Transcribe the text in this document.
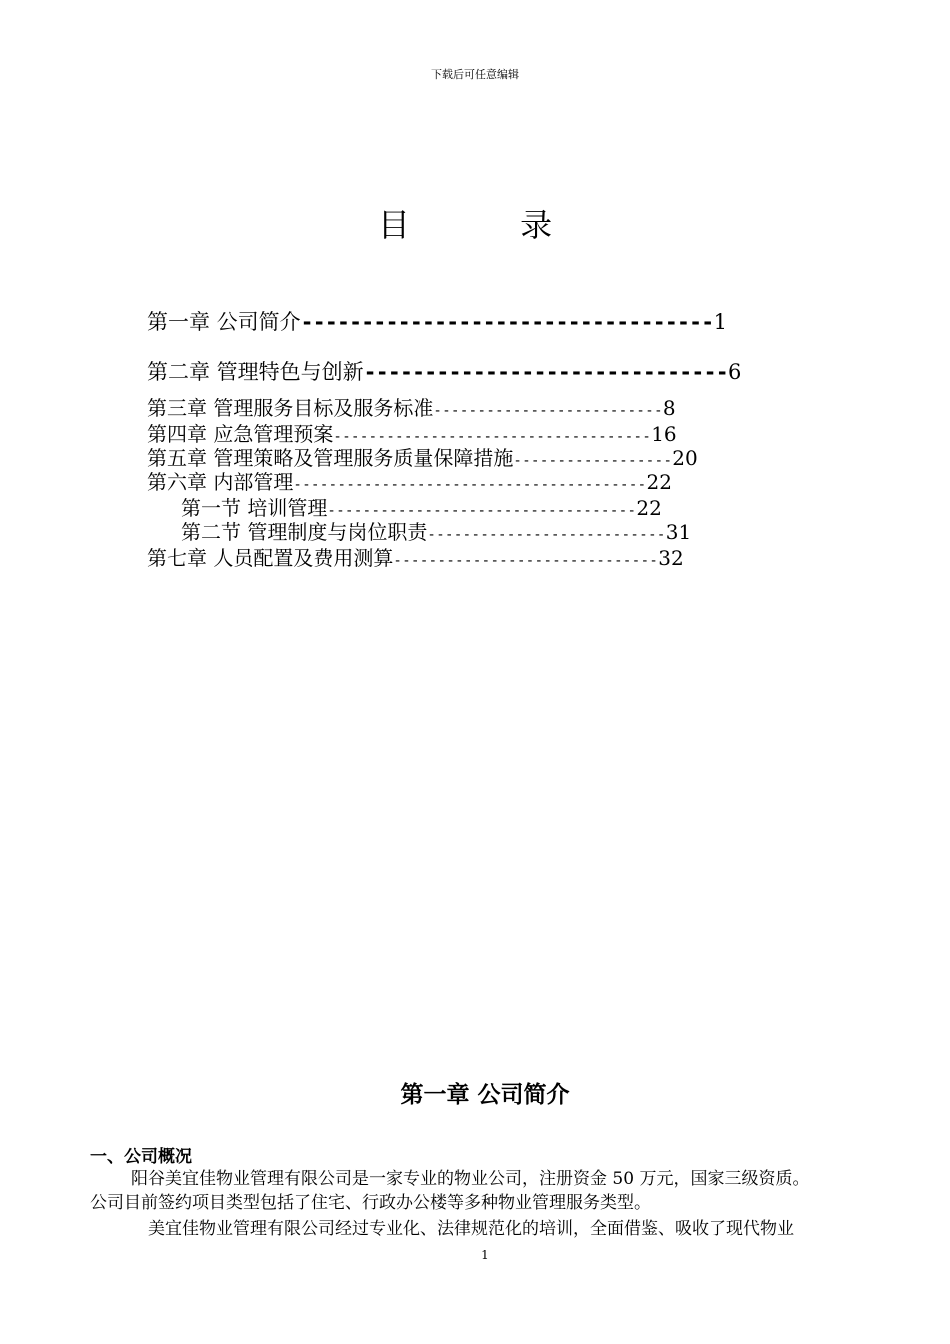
下载后可任意编辑
目 录
第一章 公司简介----------------------------------1
第二章 管理特色与创新------------------------------6
第三章 管理服务目标及服务标准--------------------------8
第四章 应急管理预案------------------------------------16
第五章 管理策略及管理服务质量保障措施------------------20
第六章 内部管理----------------------------------------22
第一节 培训管理-----------------------------------22
第二节 管理制度与岗位职责---------------------------31
第七章 人员配置及费用测算------------------------------32
第一章 公司简介
一、公司概况
阳谷美宜佳物业管理有限公司是一家专业的物业公司，注册资金 50 万元，国家三级资质。
公司目前签约项目类型包括了住宅、行政办公楼等多种物业管理服务类型。
美宜佳物业管理有限公司经过专业化、法律规范化的培训，全面借鉴、吸收了现代物业
1
